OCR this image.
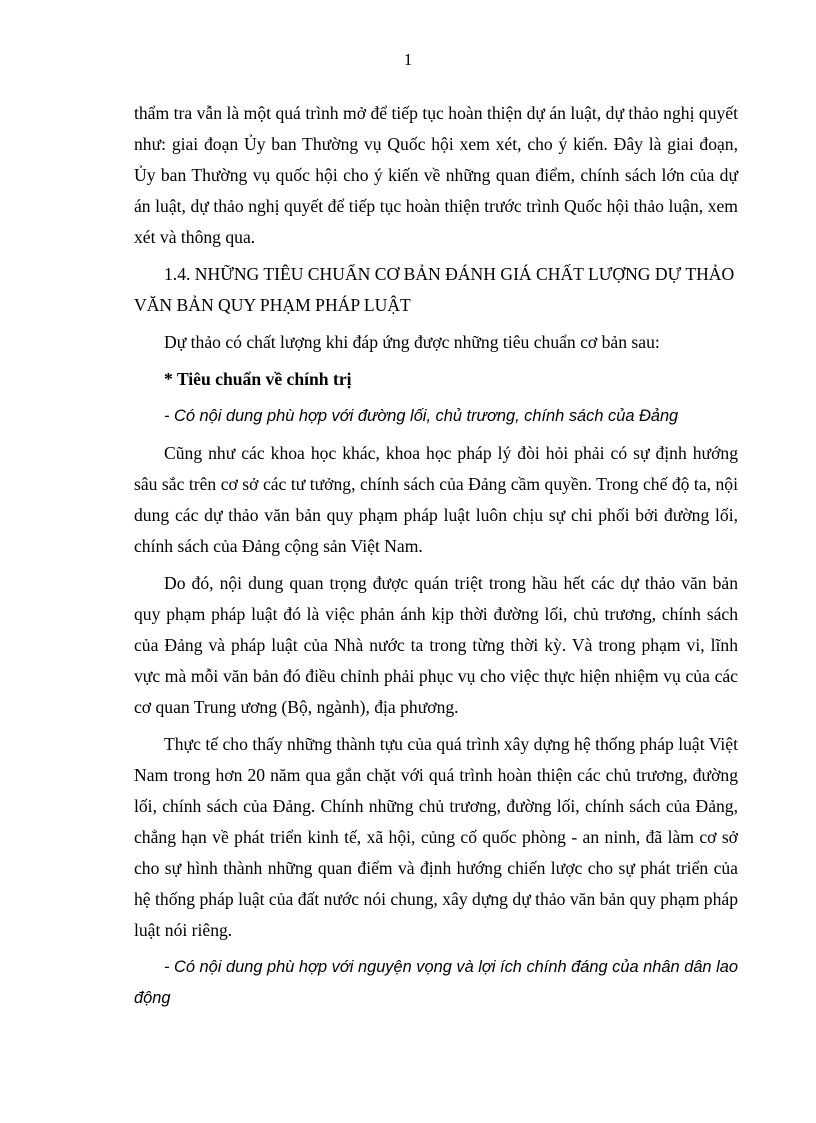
1

thẩm tra vẫn là một quá trình mở để tiếp tục hoàn thiện dự án luật, dự thảo nghị quyết như: giai đoạn Ủy ban Thường vụ Quốc hội xem xét, cho ý kiến. Đây là giai đoạn, Ủy ban Thường vụ quốc hội cho ý kiến về những quan điểm, chính sách lớn của dự án luật, dự thảo nghị quyết để tiếp tục hoàn thiện trước trình Quốc hội thảo luận, xem xét và thông qua.

1.4. NHỮNG TIÊU CHUẨN CƠ BẢN ĐÁNH GIÁ CHẤT LƯỢNG DỰ THẢO VĂN BẢN QUY PHẠM PHÁP LUẬT

Dự thảo có chất lượng khi đáp ứng được những tiêu chuẩn cơ bản sau:

* Tiêu chuẩn về chính trị

- Có nội dung phù hợp với đường lối, chủ trương, chính sách của Đảng

Cũng như các khoa học khác, khoa học pháp lý đòi hỏi phải có sự định hướng sâu sắc trên cơ sở các tư tưởng, chính sách của Đảng cầm quyền. Trong chế độ ta, nội dung các dự thảo văn bản quy phạm pháp luật luôn chịu sự chi phối bởi đường lối, chính sách của Đảng cộng sản Việt Nam.

Do đó, nội dung quan trọng được quán triệt trong hầu hết các dự thảo văn bản quy phạm pháp luật đó là việc phản ánh kịp thời đường lối, chủ trương, chính sách của Đảng và pháp luật của Nhà nước ta trong từng thời kỳ. Và trong phạm vi, lĩnh vực mà mỗi văn bản đó điều chỉnh phải phục vụ cho việc thực hiện nhiệm vụ của các cơ quan Trung ương (Bộ, ngành), địa phương.

Thực tế cho thấy những thành tựu của quá trình xây dựng hệ thống pháp luật Việt Nam trong hơn 20 năm qua gắn chặt với quá trình hoàn thiện các chủ trương, đường lối, chính sách của Đảng. Chính những chủ trương, đường lối, chính sách của Đảng, chẳng hạn về phát triển kinh tế, xã hội, củng cố quốc phòng - an ninh, đã làm cơ sở cho sự hình thành những quan điểm và định hướng chiến lược cho sự phát triển của hệ thống pháp luật của đất nước nói chung, xây dựng dự thảo văn bản quy phạm pháp luật nói riêng.

- Có nội dung phù hợp với nguyện vọng và lợi ích chính đáng của nhân dân lao động
